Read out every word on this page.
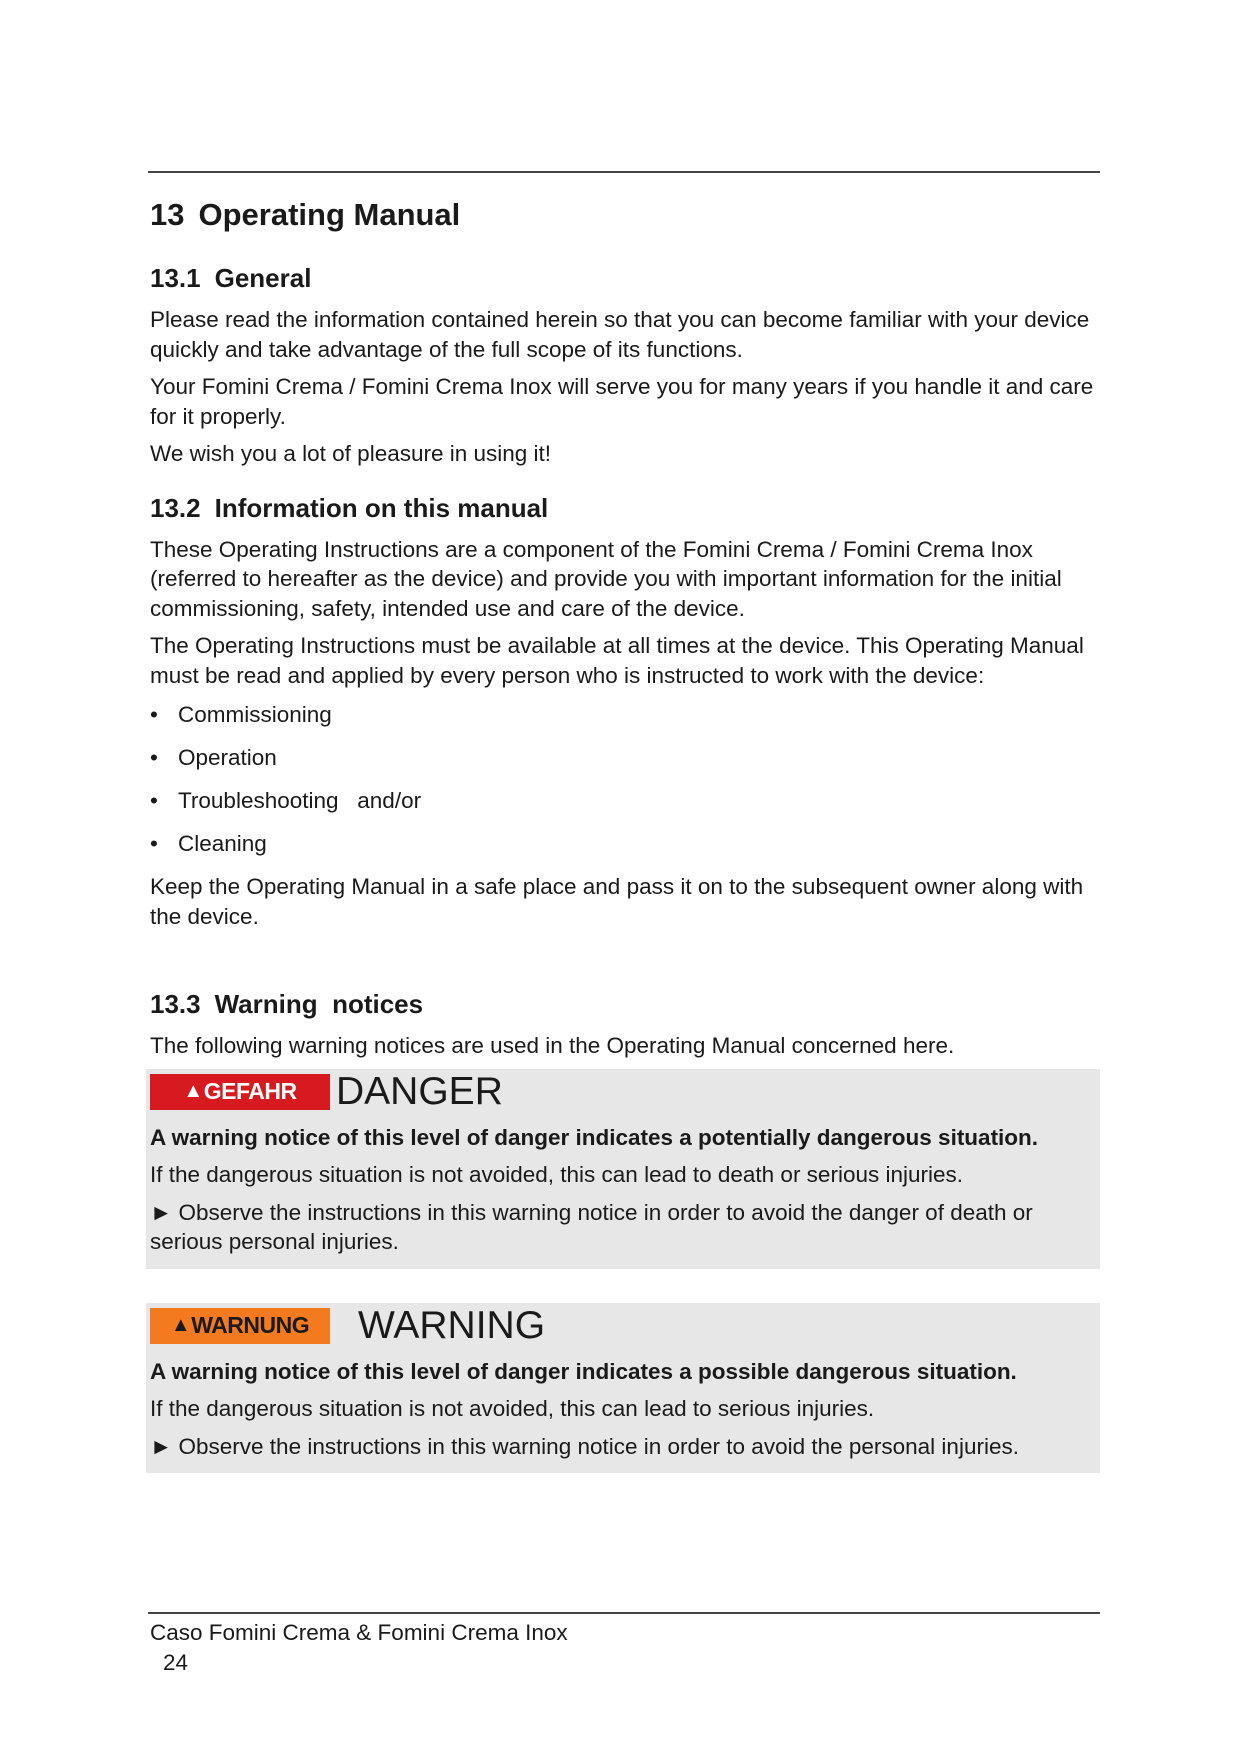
13 Operating Manual
13.1 General

Please read the information contained herein so that you can become familiar with your device quickly and take advantage of the full scope of its functions.

Your Fomini Crema / Fomini Crema Inox will serve you for many years if you handle it and care for it properly.

We wish you a lot of pleasure in using it!

13.2 Information on this manual

These Operating Instructions are a component of the Fomini Crema / Fomini Crema Inox (referred to hereafter as the device) and provide you with important information for the initial commissioning, safety, intended use and care of the device.

The Operating Instructions must be available at all times at the device. This Operating Manual must be read and applied by every person who is instructed to work with the device:

• Commissioning
• Operation
• Troubleshooting   and/or
• Cleaning

Keep the Operating Manual in a safe place and pass it on to the subsequent owner along with the device.

13.3 Warning  notices

The following warning notices are used in the Operating Manual concerned here.

▲ GEFAHR DANGER

A warning notice of this level of danger indicates a potentially dangerous situation.

If the dangerous situation is not avoided, this can lead to death or serious injuries.

► Observe the instructions in this warning notice in order to avoid the danger of death or serious personal injuries.

▲ WARNUNG WARNING

A warning notice of this level of danger indicates a possible dangerous situation.

If the dangerous situation is not avoided, this can lead to serious injuries.

► Observe the instructions in this warning notice in order to avoid the personal injuries.

Caso Fomini Crema & Fomini Crema Inox
24
